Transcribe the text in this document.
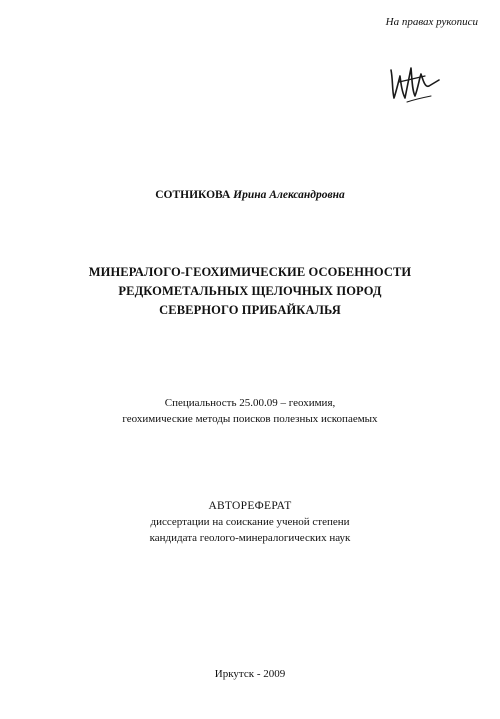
На правах рукописи
СОТНИКОВА Ирина Александровна
МИНЕРАЛОГО-ГЕОХИМИЧЕСКИЕ ОСОБЕННОСТИ
РЕДКОМЕТАЛЬНЫХ ЩЕЛОЧНЫХ ПОРОД
СЕВЕРНОГО ПРИБАЙКАЛЬЯ
Специальность 25.00.09 – геохимия,
геохимические методы поисков полезных ископаемых
АВТОРЕФЕРАТ
диссертации на соискание ученой степени
кандидата геолого-минералогических наук
Иркутск - 2009
